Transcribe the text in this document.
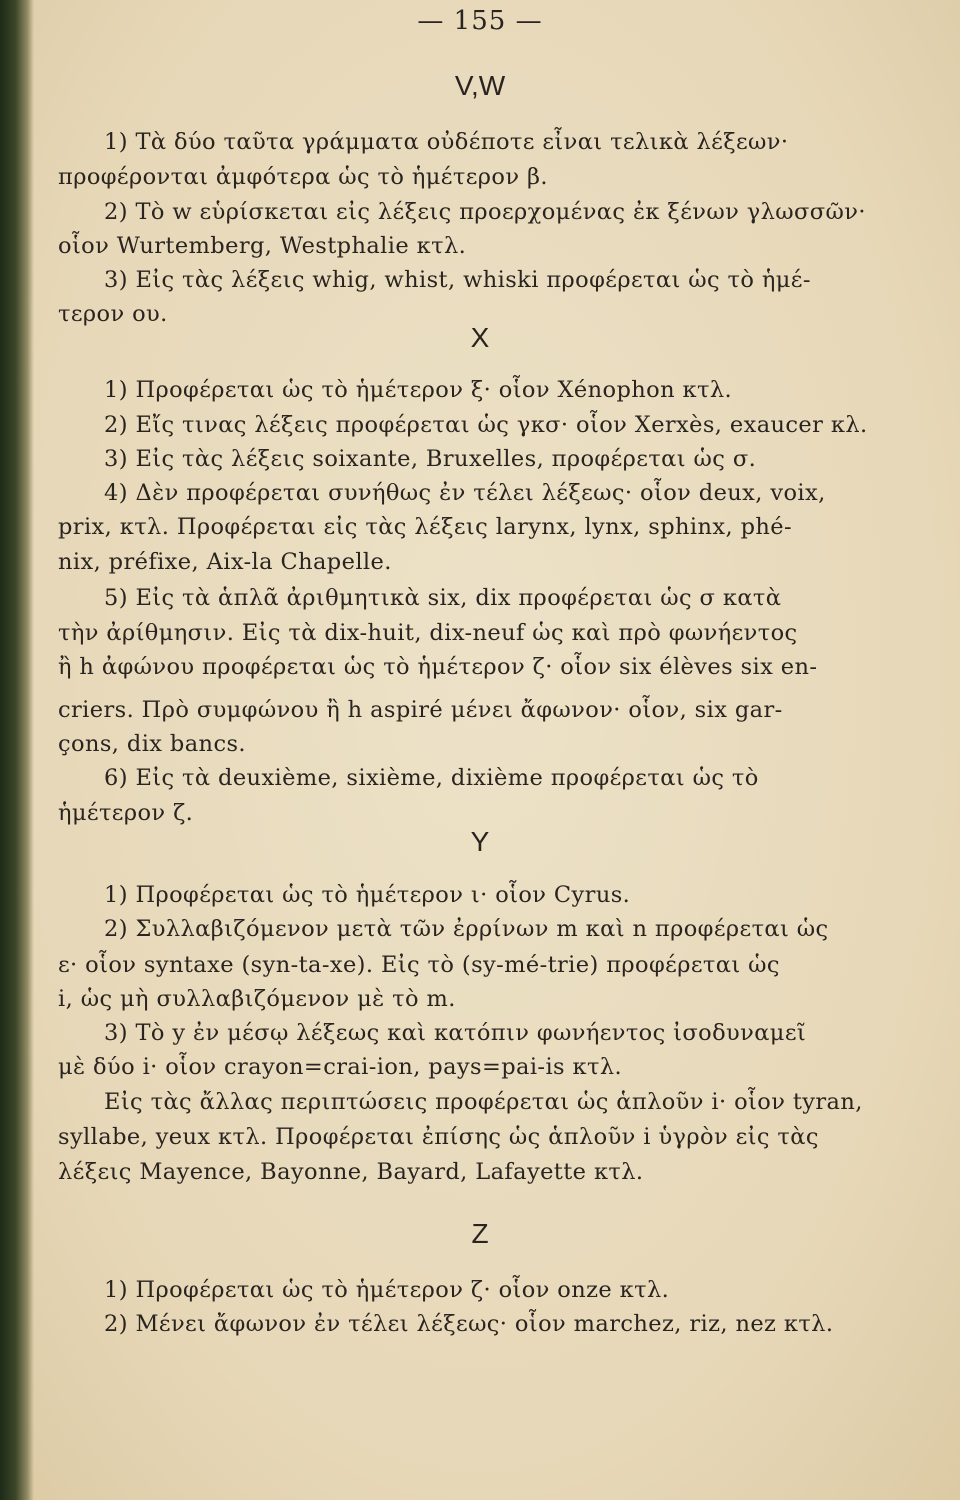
— 155 —
V,W
1) Τὰ δύο ταῦτα γράμματα οὐδέποτε εἶναι τελικὰ λέξεων·
προφέρονται ἀμφότερα ὡς τὸ ἡμέτερον β.
2) Τὸ w εὑρίσκεται εἰς λέξεις προερχομένας ἐκ ξένων γλωσσῶν·
οἷον Wurtemberg, Westphalie κτλ.
3) Εἰς τὰς λέξεις whig, whist, whiski προφέρεται ὡς τὸ ἡμέ-
τερον ου.
X
1) Προφέρεται ὡς τὸ ἡμέτερον ξ· οἷον Xénophon κτλ.
2) Εἴς τινας λέξεις προφέρεται ὡς γκσ· οἷον Xerxès, exaucer κλ.
3) Εἰς τὰς λέξεις soixante, Bruxelles, προφέρεται ὡς σ.
4) Δὲν προφέρεται συνήθως ἐν τέλει λέξεως· οἷον deux, voix,
prix, κτλ. Προφέρεται εἰς τὰς λέξεις larynx, lynx, sphinx, phé-
nix, préfixe, Aix-la Chapelle.
5) Εἰς τὰ ἁπλᾶ ἀριθμητικὰ six, dix προφέρεται ὡς σ κατὰ
τὴν ἀρίθμησιν. Εἰς τὰ dix-huit, dix-neuf ὡς καὶ πρὸ φωνήεντος
ἢ h ἀφώνου προφέρεται ὡς τὸ ἡμέτερον ζ· οἷον six élèves six en-
criers. Πρὸ συμφώνου ἢ h aspiré μένει ἄφωνον· οἷον, six gar-
çons, dix bancs.
6) Εἰς τὰ deuxième, sixième, dixième προφέρεται ὡς τὸ
ἡμέτερον ζ.
Y
1) Προφέρεται ὡς τὸ ἡμέτερον ι· οἷον Cyrus.
2) Συλλαβιζόμενον μετὰ τῶν ἐρρίνων m καὶ n προφέρεται ὡς
ε· οἷον syntaxe (syn-ta-xe). Εἰς τὸ (sy-mé-trie) προφέρεται ὡς
i, ὡς μὴ συλλαβιζόμενον μὲ τὸ m.
3) Τὸ y ἐν μέσῳ λέξεως καὶ κατόπιν φωνήεντος ἰσοδυναμεῖ
μὲ δύο i· οἷον crayon=crai-ion, pays=pai-is κτλ.
Εἰς τὰς ἄλλας περιπτώσεις προφέρεται ὡς ἁπλοῦν i· οἷον tyran,
syllabe, yeux κτλ. Προφέρεται ἐπίσης ὡς ἁπλοῦν i ὑγρὸν εἰς τὰς
λέξεις Mayence, Bayonne, Bayard, Lafayette κτλ.
Z
1) Προφέρεται ὡς τὸ ἡμέτερον ζ· οἷον onze κτλ.
2) Μένει ἄφωνον ἐν τέλει λέξεως· οἷον marchez, riz, nez κτλ.
